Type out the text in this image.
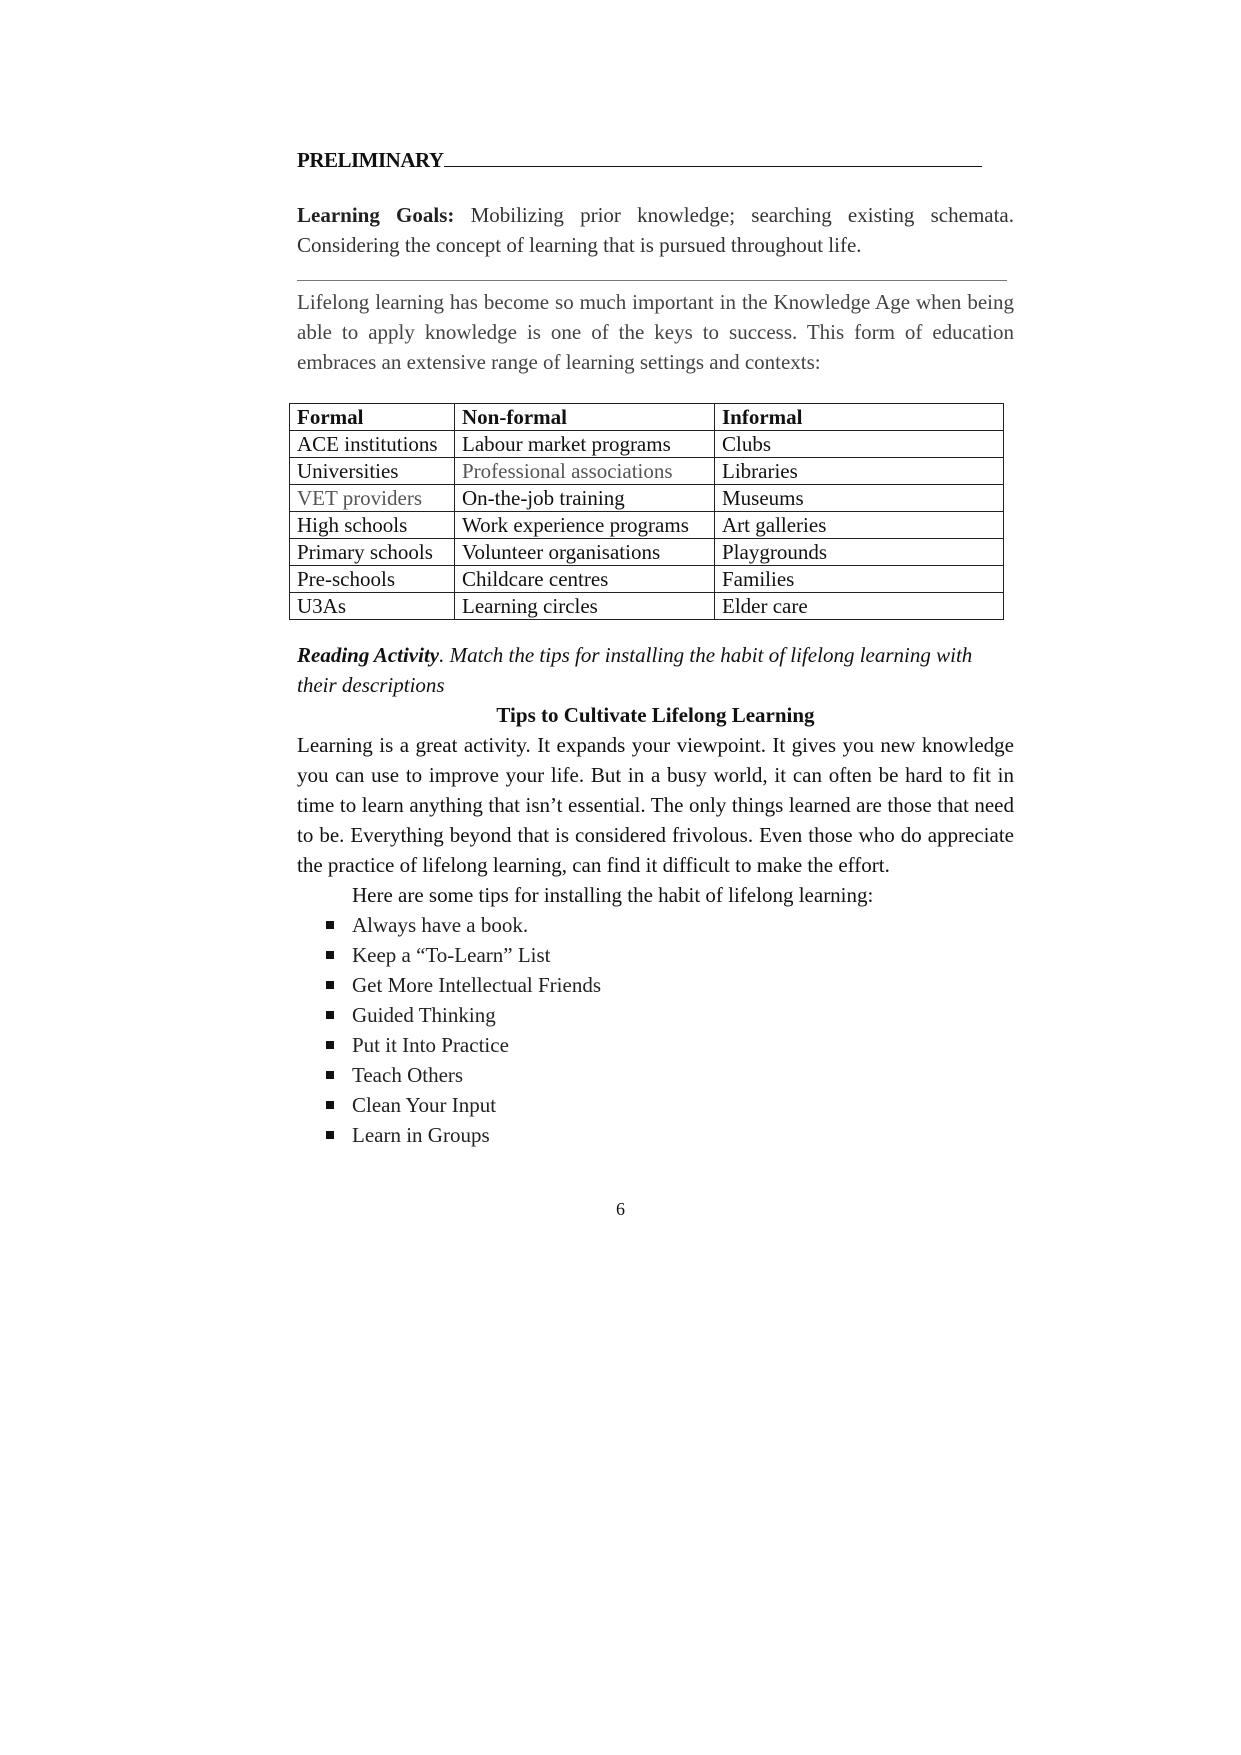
PRELIMINARY
Learning Goals: Mobilizing prior knowledge; searching existing schemata. Considering the concept of learning that is pursued throughout life.
Lifelong learning has become so much important in the Knowledge Age when being able to apply knowledge is one of the keys to success. This form of education embraces an extensive range of learning settings and contexts:
Formal	Non-formal	Informal
ACE institutions	Labour market programs	Clubs
Universities	Professional associations	Libraries
VET providers	On-the-job training	Museums
High schools	Work experience programs	Art galleries
Primary schools	Volunteer organisations	Playgrounds
Pre-schools	Childcare centres	Families
U3As	Learning circles	Elder care
Reading Activity. Match the tips for installing the habit of lifelong learning with their descriptions
Tips to Cultivate Lifelong Learning
Learning is a great activity. It expands your viewpoint. It gives you new knowledge you can use to improve your life. But in a busy world, it can often be hard to fit in time to learn anything that isn’t essential. The only things learned are those that need to be. Everything beyond that is considered frivolous. Even those who do appreciate the practice of lifelong learning, can find it difficult to make the effort.
Here are some tips for installing the habit of lifelong learning:
Always have a book.
Keep a “To-Learn” List
Get More Intellectual Friends
Guided Thinking
Put it Into Practice
Teach Others
Clean Your Input
Learn in Groups
6
